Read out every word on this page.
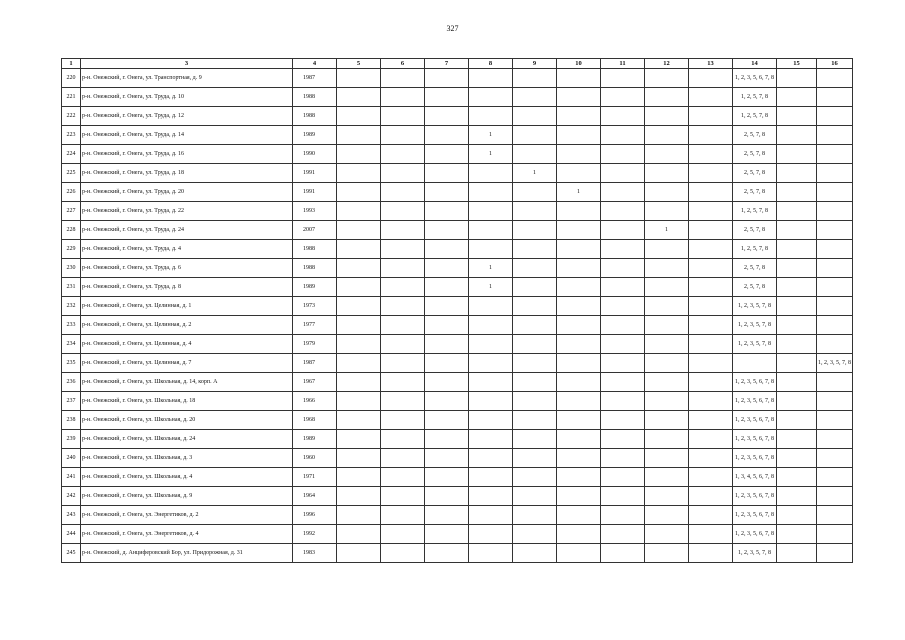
327
1	3	4	5	6	7	8	9	10	11	12	13	14	15	16
220	р-н. Онежский, г. Онега, ул. Транспортная, д. 9	1987										1, 2, 3, 5, 6, 7, 8		
221	р-н. Онежский, г. Онега, ул. Труда, д. 10	1988										1, 2, 5, 7, 8		
222	р-н. Онежский, г. Онега, ул. Труда, д. 12	1988										1, 2, 5, 7, 8		
223	р-н. Онежский, г. Онега, ул. Труда, д. 14	1989				1						2, 5, 7, 8		
224	р-н. Онежский, г. Онега, ул. Труда, д. 16	1990				1						2, 5, 7, 8		
225	р-н. Онежский, г. Онега, ул. Труда, д. 18	1991					1					2, 5, 7, 8		
226	р-н. Онежский, г. Онега, ул. Труда, д. 20	1991						1				2, 5, 7, 8		
227	р-н. Онежский, г. Онега, ул. Труда, д. 22	1993										1, 2, 5, 7, 8		
228	р-н. Онежский, г. Онега, ул. Труда, д. 24	2007								1		2, 5, 7, 8		
229	р-н. Онежский, г. Онега, ул. Труда, д. 4	1988										1, 2, 5, 7, 8		
230	р-н. Онежский, г. Онега, ул. Труда, д. 6	1988				1						2, 5, 7, 8		
231	р-н. Онежский, г. Онега, ул. Труда, д. 8	1989				1						2, 5, 7, 8		
232	р-н. Онежский, г. Онега, ул. Целинная, д. 1	1973										1, 2, 3, 5, 7, 8		
233	р-н. Онежский, г. Онега, ул. Целинная, д. 2	1977										1, 2, 3, 5, 7, 8		
234	р-н. Онежский, г. Онега, ул. Целинная, д. 4	1979										1, 2, 3, 5, 7, 8		
235	р-н. Онежский, г. Онега, ул. Целинная, д. 7	1987												1, 2, 3, 5, 7, 8
236	р-н. Онежский, г. Онега, ул. Школьная, д. 14, корп. А	1967										1, 2, 3, 5, 6, 7, 8		
237	р-н. Онежский, г. Онега, ул. Школьная, д. 18	1966										1, 2, 3, 5, 6, 7, 8		
238	р-н. Онежский, г. Онега, ул. Школьная, д. 20	1968										1, 2, 3, 5, 6, 7, 8		
239	р-н. Онежский, г. Онега, ул. Школьная, д. 24	1989										1, 2, 3, 5, 6, 7, 8		
240	р-н. Онежский, г. Онега, ул. Школьная, д. 3	1960										1, 2, 3, 5, 6, 7, 8		
241	р-н. Онежский, г. Онега, ул. Школьная, д. 4	1971										1, 3, 4, 5, 6, 7, 8		
242	р-н. Онежский, г. Онега, ул. Школьная, д. 9	1964										1, 2, 3, 5, 6, 7, 8		
243	р-н. Онежский, г. Онега, ул. Энергетиков, д. 2	1996										1, 2, 3, 5, 6, 7, 8		
244	р-н. Онежский, г. Онега, ул. Энергетиков, д. 4	1992										1, 2, 3, 5, 6, 7, 8		
245	р-н. Онежский, д. Анциферовский Бор, ул. Придорожная, д. 31	1983										1, 2, 3, 5, 7, 8		
